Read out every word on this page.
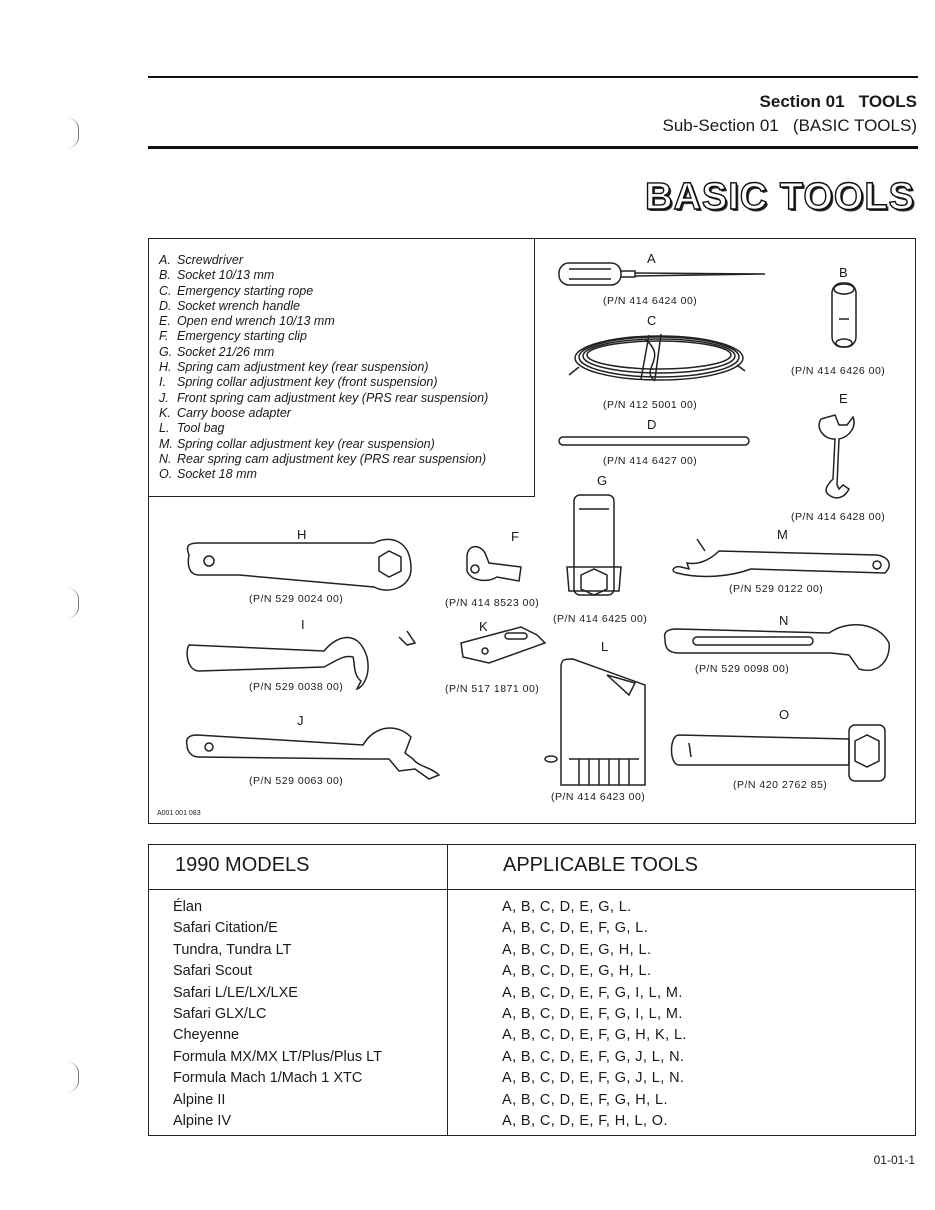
Section 01 TOOLS
Sub-Section 01   (BASIC TOOLS)
BASIC TOOLS
A. Screwdriver
B. Socket 10/13 mm
C. Emergency starting rope
D. Socket wrench handle
E. Open end wrench 10/13 mm
F. Emergency starting clip
G. Socket 21/26 mm
H. Spring cam adjustment key (rear suspension)
I. Spring collar adjustment key (front suspension)
J. Front spring cam adjustment key (PRS rear suspension)
K. Carry boose adapter
L. Tool bag
M. Spring collar adjustment key (rear suspension)
N. Rear spring cam adjustment key (PRS rear suspension)
O. Socket 18 mm
A
(P/N 414 6424 00)
B
(P/N 414 6426 00)
C
(P/N 412 5001 00)
D
(P/N 414 6427 00)
E
(P/N 414 6428 00)
F
(P/N 414 8523 00)
G
(P/N 414 6425 00)
H
(P/N 529 0024 00)
I
(P/N 529 0038 00)
J
(P/N 529 0063 00)
K
(P/N 517 1871 00)
L
(P/N 414 6423 00)
M
(P/N 529 0122 00)
N
(P/N 529 0098 00)
O
(P/N 420 2762 85)
A001 001 083
1990 MODELS	APPLICABLE TOOLS
Élan	A, B, C, D, E, G, L.
Safari Citation/E	A, B, C, D, E, F, G, L.
Tundra, Tundra LT	A, B, C, D, E, G, H, L.
Safari Scout	A, B, C, D, E, G, H, L.
Safari L/LE/LX/LXE	A, B, C, D, E, F, G, I, L, M.
Safari GLX/LC	A, B, C, D, E, F, G, I, L, M.
Cheyenne	A, B, C, D, E, F, G, H, K, L.
Formula MX/MX LT/Plus/Plus LT	A, B, C, D, E, F, G, J, L, N.
Formula Mach 1/Mach 1 XTC	A, B, C, D, E, F, G, J, L, N.
Alpine II	A, B, C, D, E, F, G, H, L.
Alpine IV	A, B, C, D, E, F, H, L, O.
01-01-1
